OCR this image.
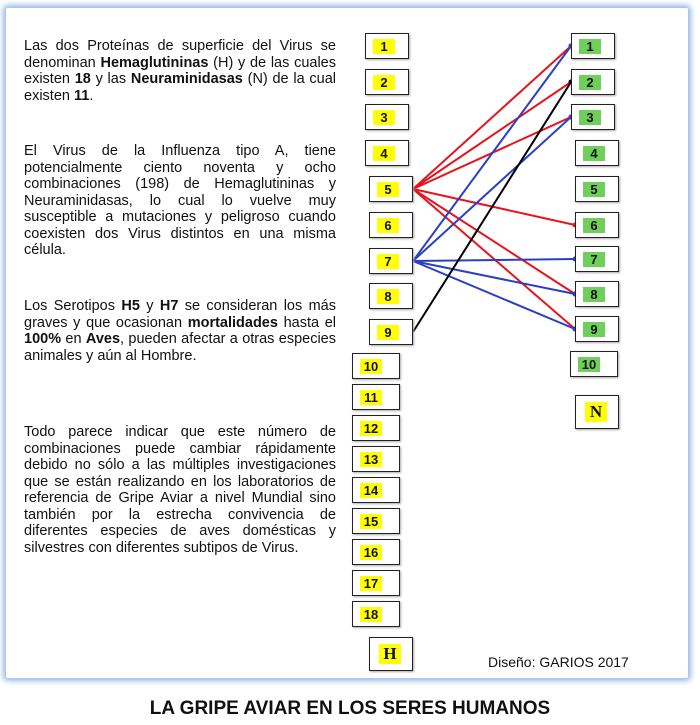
Las dos Proteínas de superficie del Virus se denominan Hemaglutininas (H) y de las cuales existen 18 y las Neuraminidasas (N) de la cual existen 11.
El Virus de la Influenza tipo A, tiene potencialmente ciento noventa y ocho combinaciones (198) de Hemaglutininas y Neuraminidasas, lo cual lo vuelve muy susceptible a mutaciones y peligroso cuando coexisten dos Virus distintos en una misma célula.
Los Serotipos H5 y H7 se consideran los más graves y que ocasionan mortalidades hasta el 100% en Aves, pueden afectar a otras especies animales y aún al Hombre.
Todo parece indicar que este número de combinaciones puede cambiar rápidamente debido no sólo a las múltiples investigaciones que se están realizando en los laboratorios de referencia de Gripe Aviar a nivel Mundial sino también por la estrecha convivencia de diferentes especies de aves domésticas y silvestres con diferentes subtipos de Virus.
1
2
3
4
5
6
7
8
9
10
11
12
13
14
15
16
17
18
1
2
3
4
5
6
7
8
9
10
H
N
Diseño: GARIOS 2017
LA GRIPE AVIAR EN LOS SERES HUMANOS
